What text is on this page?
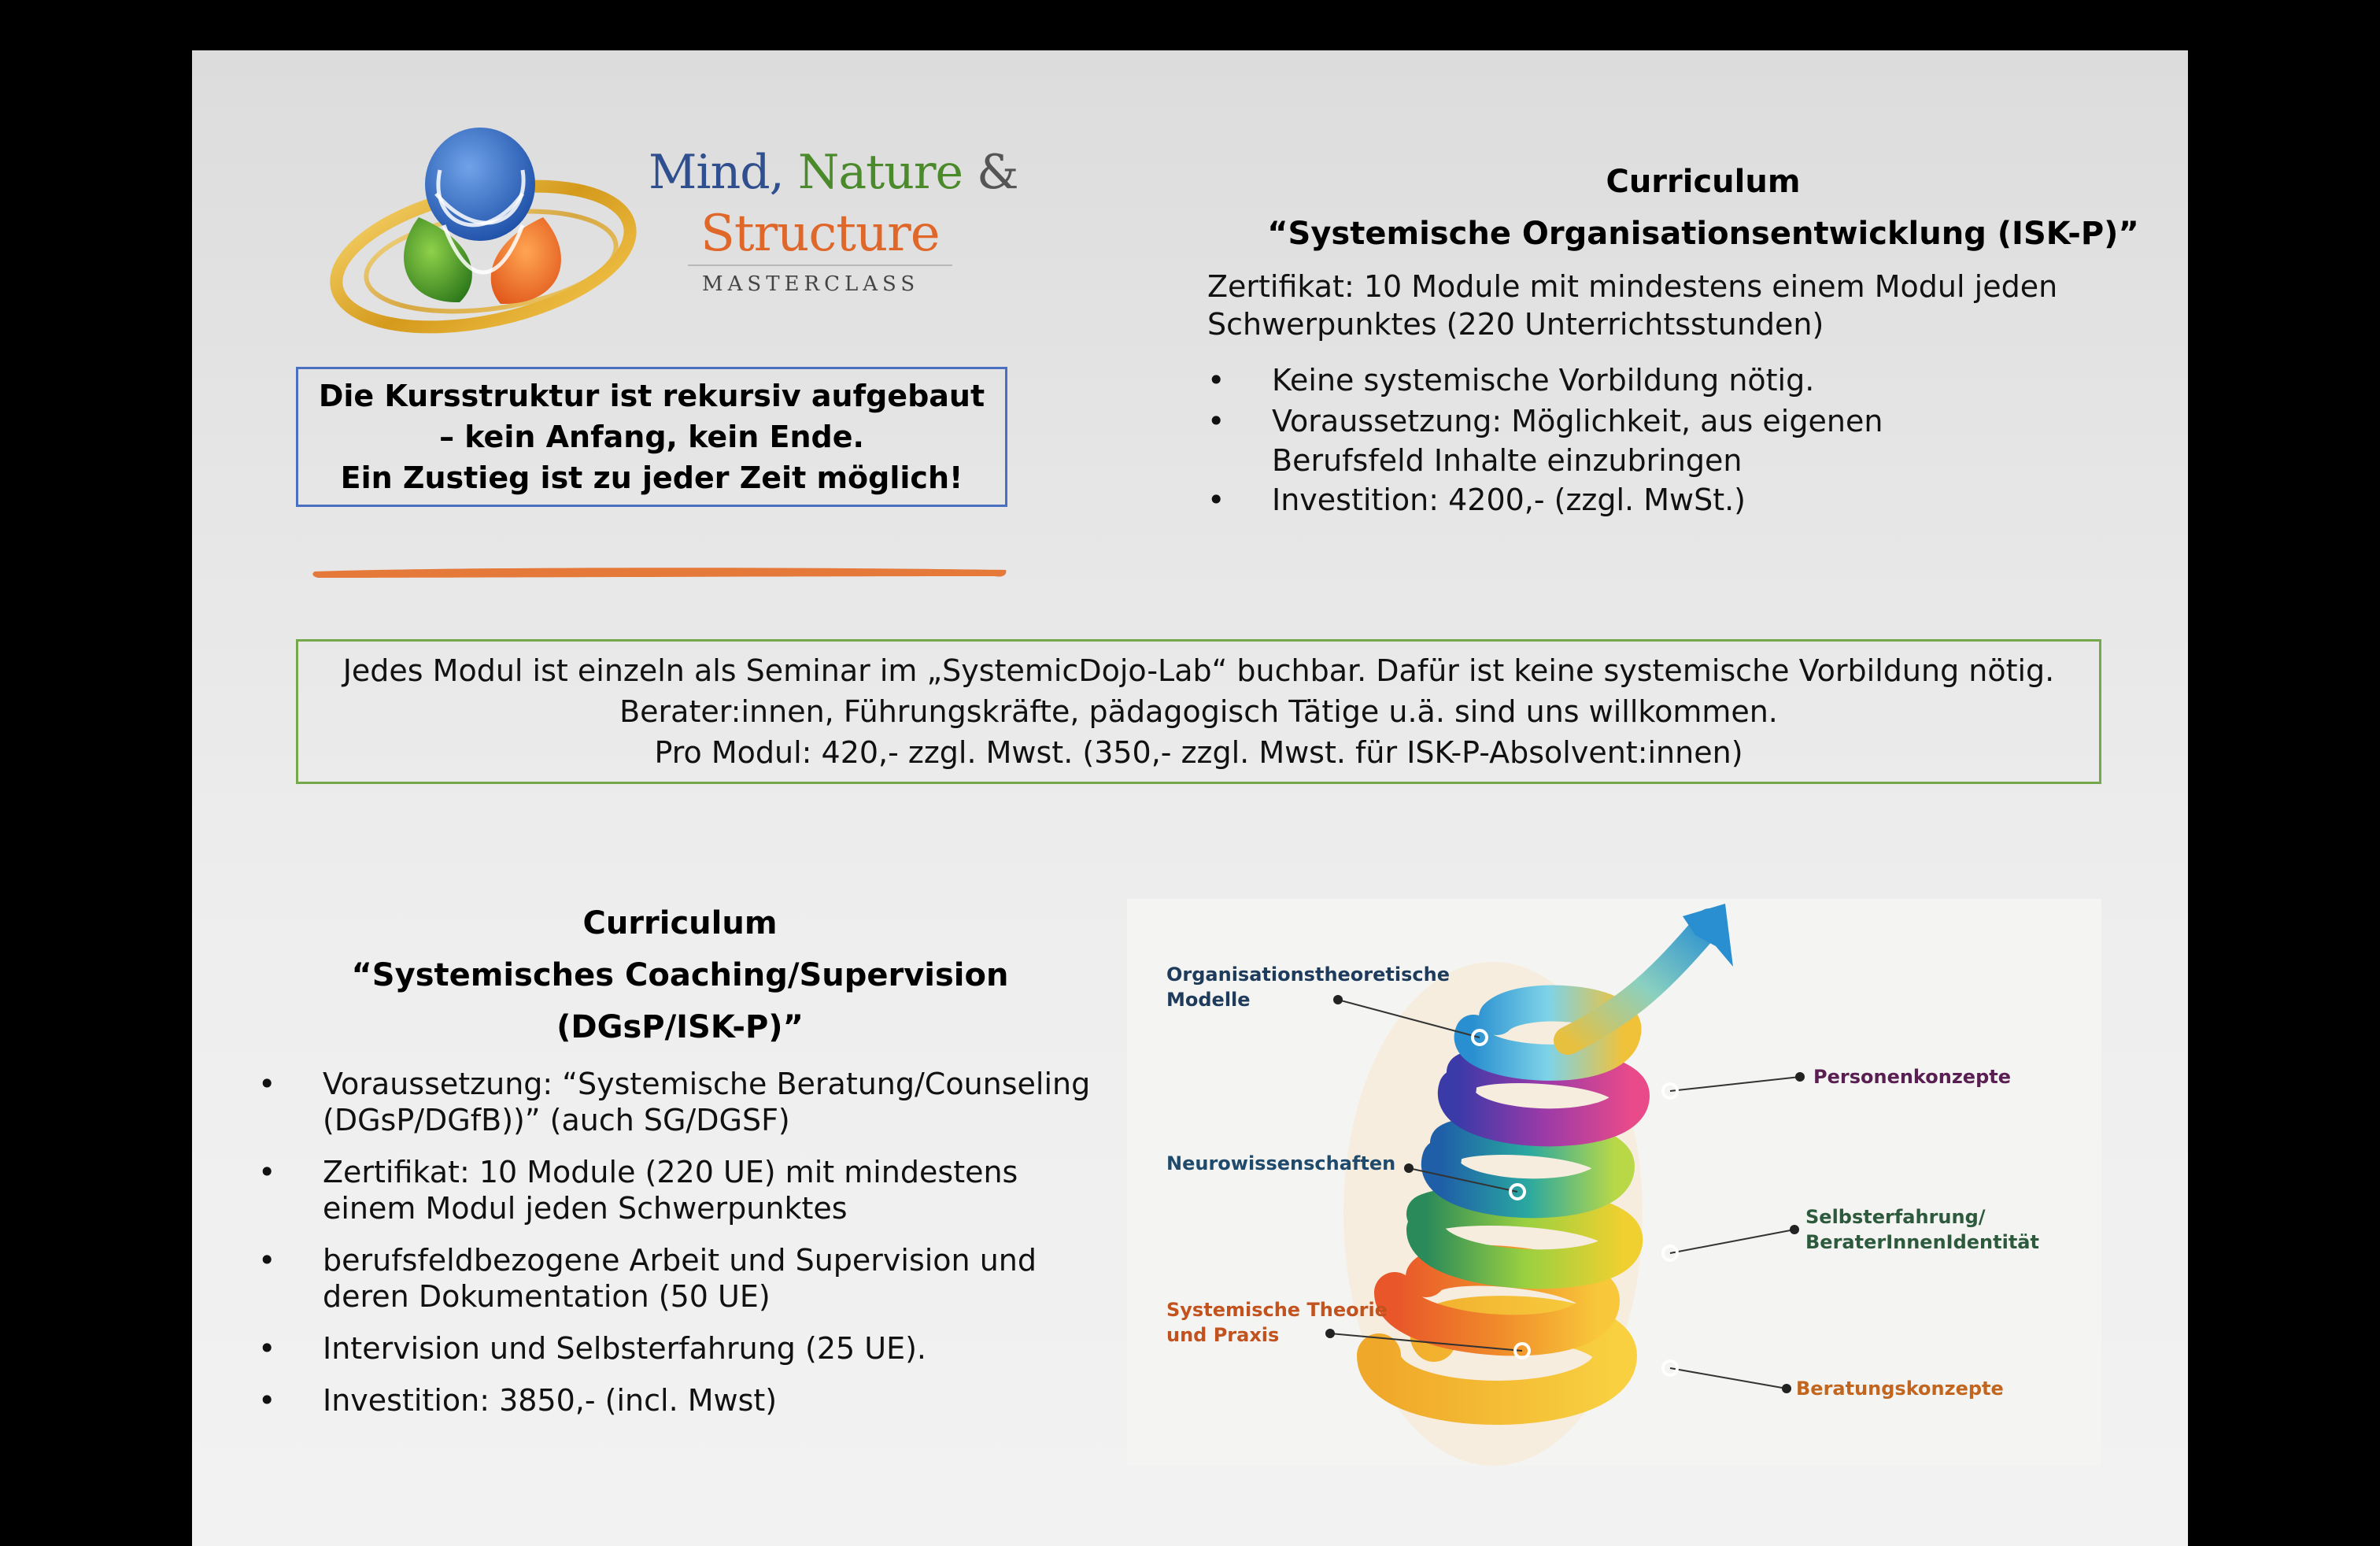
Mind, Nature &
Structure
MASTERCLASS
Die Kursstruktur ist rekursiv aufgebaut
– kein Anfang, kein Ende.
Ein Zustieg ist zu jeder Zeit möglich!
Curriculum
“Systemische Organisationsentwicklung (ISK-P)”
Zertifikat: 10 Module mit mindestens einem Modul jeden Schwerpunktes (220 Unterrichtsstunden)
• Keine systemische Vorbildung nötig.
• Voraussetzung: Möglichkeit, aus eigenen Berufsfeld Inhalte einzubringen
• Investition: 4200,- (zzgl. MwSt.)
Jedes Modul ist einzeln als Seminar im „SystemicDojo-Lab“ buchbar. Dafür ist keine systemische Vorbildung nötig.
Berater:innen, Führungskräfte, pädagogisch Tätige u.ä. sind uns willkommen.
Pro Modul: 420,- zzgl. Mwst. (350,- zzgl. Mwst. für ISK-P-Absolvent:innen)
Curriculum
“Systemisches Coaching/Supervision
(DGsP/ISK-P)”
• Voraussetzung: “Systemische Beratung/Counseling (DGsP/DGfB))” (auch SG/DGSF)
• Zertifikat: 10 Module (220 UE) mit mindestens einem Modul jeden Schwerpunktes
• berufsfeldbezogene Arbeit und Supervision und deren Dokumentation (50 UE)
• Intervision und Selbsterfahrung (25 UE).
• Investition: 3850,- (incl. Mwst)
Organisationstheoretische
Modelle
Personenkonzepte
Neurowissenschaften
Selbsterfahrung/
BeraterInnenIdentität
Systemische Theorie
und Praxis
Beratungskonzepte
